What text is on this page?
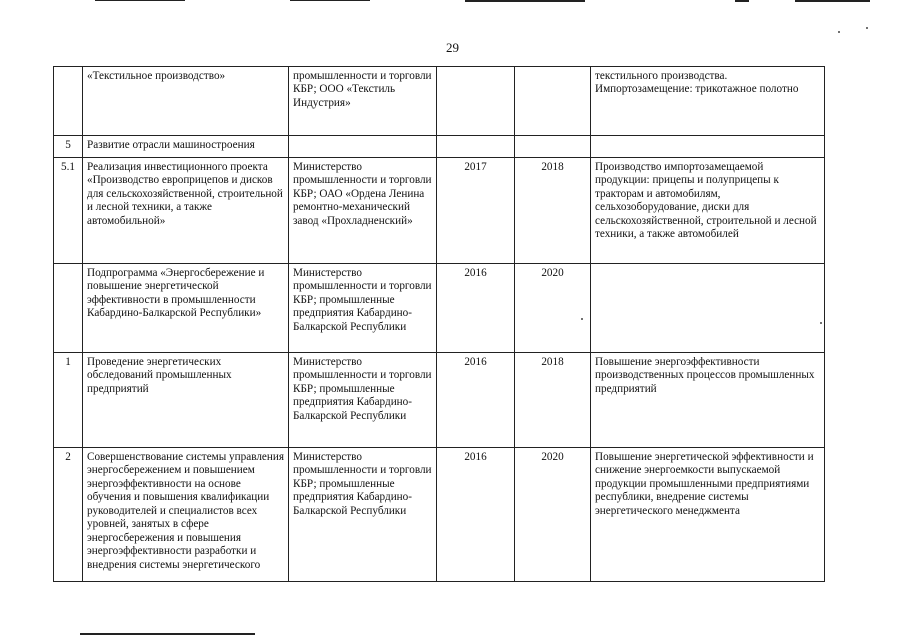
29
	«Текстильное производство»	промышленности и торговли КБР; ООО «Текстиль Индустрия»			текстильного производства. Импортозамещение: трикотажное полотно
5	Развитие отрасли машиностроения				
5.1	Реализация инвестиционного проекта «Производство европрицепов и дисков для сельскохозяйственной, строительной и лесной техники, а также автомобильной»	Министерство промышленности и торговли КБР; ОАО «Ордена Ленина ремонтно-механический завод «Прохладненский»	2017	2018	Производство импортозамещаемой продукции: прицепы и полуприцепы к тракторам и автомобилям, сельхозоборудование, диски для сельскохозяйственной, строительной и лесной техники, а также автомобилей
	Подпрограмма «Энергосбережение и повышение энергетической эффективности в промышленности Кабардино-Балкарской Республики»	Министерство промышленности и торговли КБР; промышленные предприятия Кабардино-Балкарской Республики	2016	2020	
1	Проведение энергетических обследований промышленных предприятий	Министерство промышленности и торговли КБР; промышленные предприятия Кабардино-Балкарской Республики	2016	2018	Повышение энергоэффективности производственных процессов промышленных предприятий
2	Совершенствование системы управления энергосбережением и повышением энергоэффективности на основе обучения и повышения квалификации руководителей и специалистов всех уровней, занятых в сфере энергосбережения и повышения энергоэффективности разработки и внедрения системы энергетического	Министерство промышленности и торговли КБР; промышленные предприятия Кабардино-Балкарской Республики	2016	2020	Повышение энергетической эффективности и снижение энергоемкости выпускаемой продукции промышленными предприятиями республики, внедрение системы энергетического менеджмента
